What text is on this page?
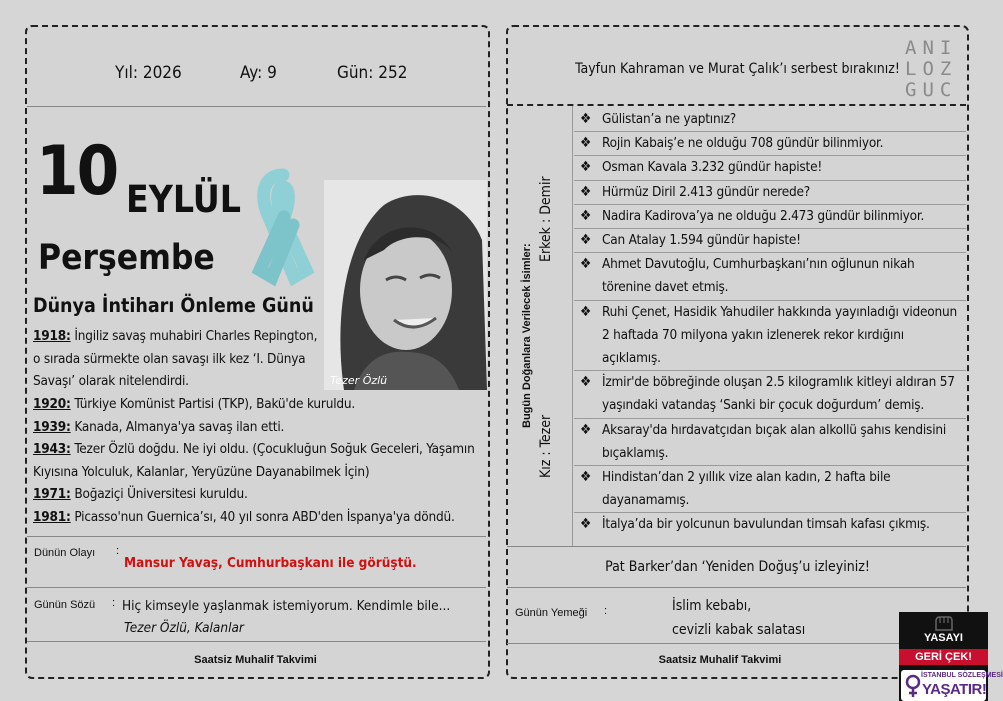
Yıl: 2026	Ay: 9	Gün: 252
10 EYLÜL
Perşembe
Tezer Özlü
Dünya İntiharı Önleme Günü
1918: İngiliz savaş muhabiri Charles Repington, o sırada sürmekte olan savaşı ilk kez ‘I. Dünya Savaşı’ olarak nitelendirdi.
1920: Türkiye Komünist Partisi (TKP), Bakü'de kuruldu.
1939: Kanada, Almanya'ya savaş ilan etti.
1943: Tezer Özlü doğdu. Ne iyi oldu. (Çocukluğun Soğuk Geceleri, Yaşamın Kıyısına Yolculuk, Kalanlar, Yeryüzüne Dayanabilmek İçin)
1971: Boğaziçi Üniversitesi kuruldu.
1981: Picasso'nun Guernica’sı, 40 yıl sonra ABD'den İspanya'ya döndü.
Dünün Olayı :
Mansur Yavaş, Cumhurbaşkanı ile görüştü.
Günün Sözü : Hiç kimseyle yaşlanmak istemiyorum. Kendimle bile...
Tezer Özlü, Kalanlar
Saatsiz Muhalif Takvimi
Tayfun Kahraman ve Murat Çalık’ı serbest bırakınız!
ANI
LOZ
GUC
Bugün Doğanlara Verilecek İsimler:
Erkek : Demir
Kız : Tezer
❖ Gülistan’a ne yaptınız?
❖ Rojin Kabaiş’e ne olduğu 708 gündür bilinmiyor.
❖ Osman Kavala 3.232 gündür hapiste!
❖ Hürmüz Diril 2.413 gündür nerede?
❖ Nadira Kadirova’ya ne olduğu 2.473 gündür bilinmiyor.
❖ Can Atalay 1.594 gündür hapiste!
❖ Ahmet Davutoğlu, Cumhurbaşkanı’nın oğlunun nikah törenine davet etmiş.
❖ Ruhi Çenet, Hasidik Yahudiler hakkında yayınladığı videonun 2 haftada 70 milyona yakın izlenerek rekor kırdığını açıklamış.
❖ İzmir'de böbreğinde oluşan 2.5 kilogramlık kitleyi aldıran 57 yaşındaki vatandaş ‘Sanki bir çocuk doğurdum’ demiş.
❖ Aksaray'da hırdavatçıdan bıçak alan alkollü şahıs kendisini bıçaklamış.
❖ Hindistan’dan 2 yıllık vize alan kadın, 2 hafta bile dayanamamış.
❖ İtalya’da bir yolcunun bavulundan timsah kafası çıkmış.
Pat Barker’dan ‘Yeniden Doğuş’u izleyiniz!
Günün Yemeği :	İslim kebabı,
cevizli kabak salatası
Saatsiz Muhalif Takvimi
YASAYI
GERİ ÇEK!
İSTANBUL SÖZLEŞMESİ
YAŞATIR!
